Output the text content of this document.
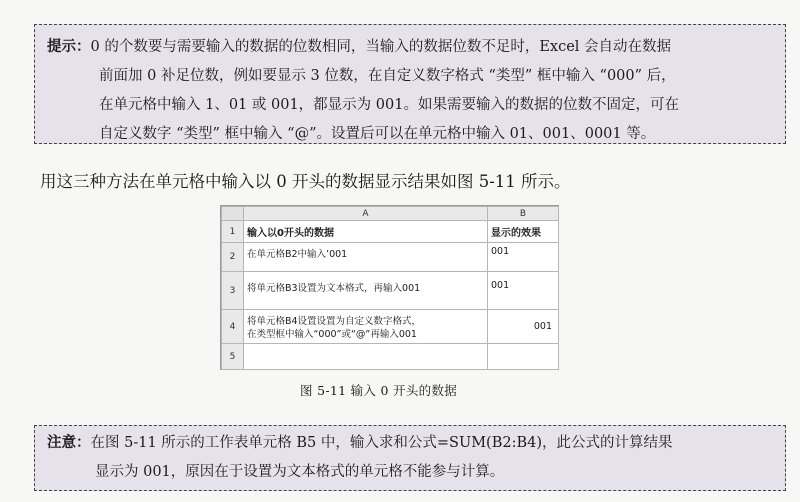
提示：0 的个数要与需要输入的数据的位数相同，当输入的数据位数不足时，Excel 会自动在数据
前面加 0 补足位数，例如要显示 3 位数，在自定义数字格式 “类型” 框中输入 “000” 后，
在单元格中输入 1、01 或 001，都显示为 001。如果需要输入的数据的位数不固定，可在
自定义数字 “类型” 框中输入 “@”。设置后可以在单元格中输入 01、001、0001 等。
用这三种方法在单元格中输入以 0 开头的数据显示结果如图 5-11 所示。
	A	B
1	输入以0开头的数据	显示的效果
2	在单元格B2中输入’001	001
3	将单元格B3设置为文本格式，再输入001	001
4	将单元格B4设置设置为自定义数字格式，
在类型框中输入“000”或“@”再输入001	001
5		
图 5-11 输入 0 开头的数据
注意：在图 5-11 所示的工作表单元格 B5 中，输入求和公式=SUM(B2:B4)，此公式的计算结果
显示为 001，原因在于设置为文本格式的单元格不能参与计算。
